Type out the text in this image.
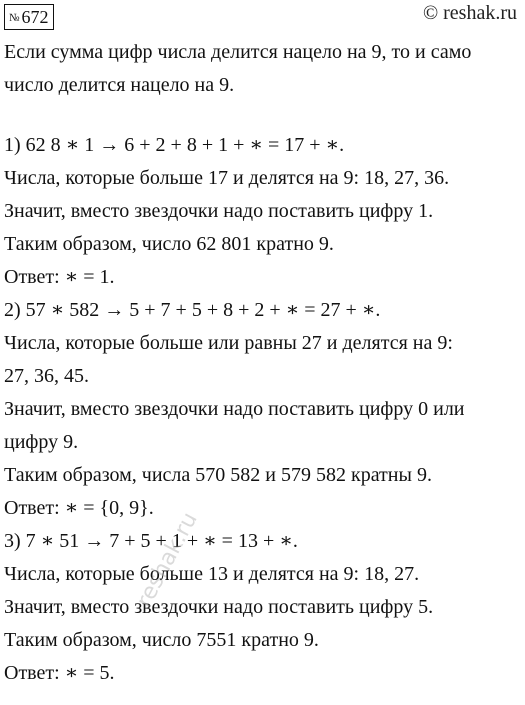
№ 672	© reshak.ru
Если сумма цифр числа делится нацело на 9, то и само
число делится нацело на 9.
1) 62 8 ∗ 1 → 6 + 2 + 8 + 1 + ∗ = 17 + ∗.
Числа, которые больше 17 и делятся на 9: 18, 27, 36.
Значит, вместо звездочки надо поставить цифру 1.
Таким образом, число 62 801 кратно 9.
Ответ: ∗ = 1.
2) 57 ∗ 582 → 5 + 7 + 5 + 8 + 2 + ∗ = 27 + ∗.
Числа, которые больше или равны 27 и делятся на 9:
27, 36, 45.
Значит, вместо звездочки надо поставить цифру 0 или
цифру 9.
Таким образом, числа 570 582 и 579 582 кратны 9.
Ответ: ∗ = {0, 9}.
3) 7 ∗ 51 → 7 + 5 + 1 + ∗ = 13 + ∗.
Числа, которые больше 13 и делятся на 9: 18, 27.
Значит, вместо звездочки надо поставить цифру 5.
Таким образом, число 7551 кратно 9.
Ответ: ∗ = 5.
reshak.ru
